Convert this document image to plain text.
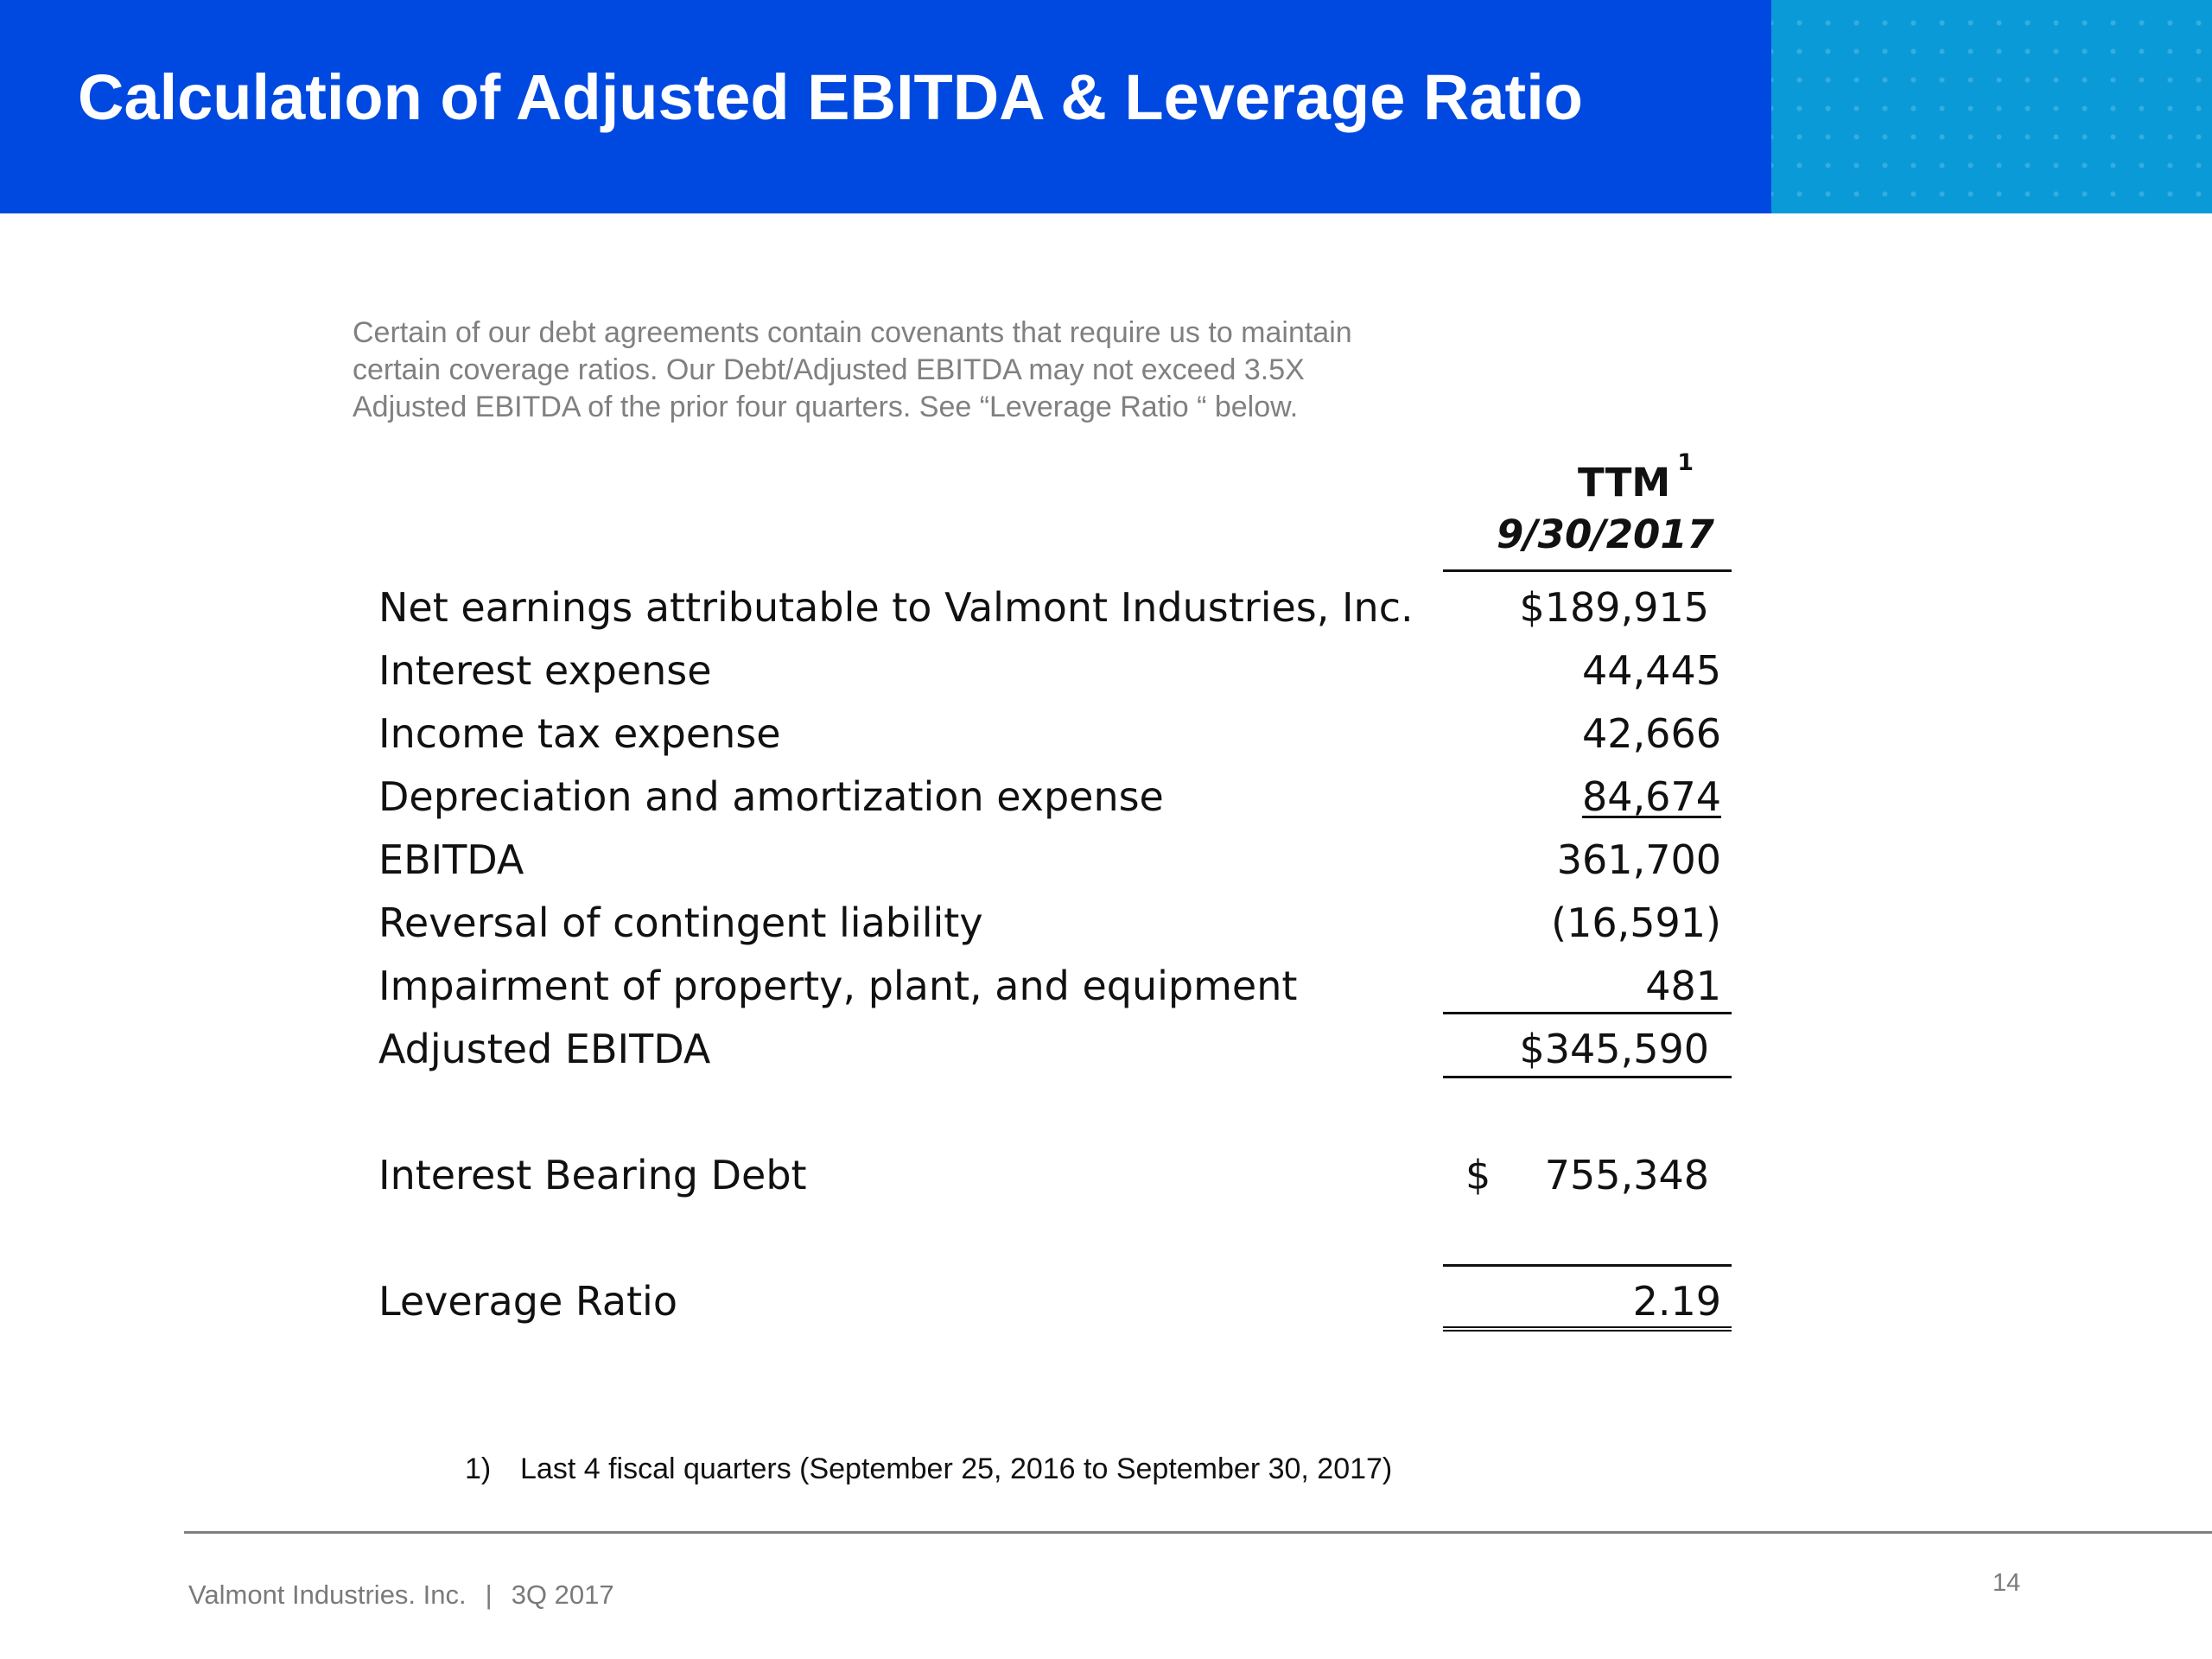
Calculation of Adjusted EBITDA & Leverage Ratio

Certain of our debt agreements contain covenants that require us to maintain
certain coverage ratios. Our Debt/Adjusted EBITDA may not exceed 3.5X
Adjusted EBITDA of the prior four quarters. See “Leverage Ratio “ below.

TTM $^1$
9/30/2017
Net earnings attributable to Valmont Industries, Inc.	$189,915
Interest expense	44,445
Income tax expense	42,666
Depreciation and amortization expense	84,674
EBITDA	361,700
Reversal of contingent liability	(16,591)
Impairment of property, plant, and equipment	481
Adjusted EBITDA	$345,590
Interest Bearing Debt	$ 755,348
Leverage Ratio	2.19
1) Last 4 fiscal quarters (September 25, 2016 to September 30, 2017)
Valmont Industries. Inc. | 3Q 2017	14
